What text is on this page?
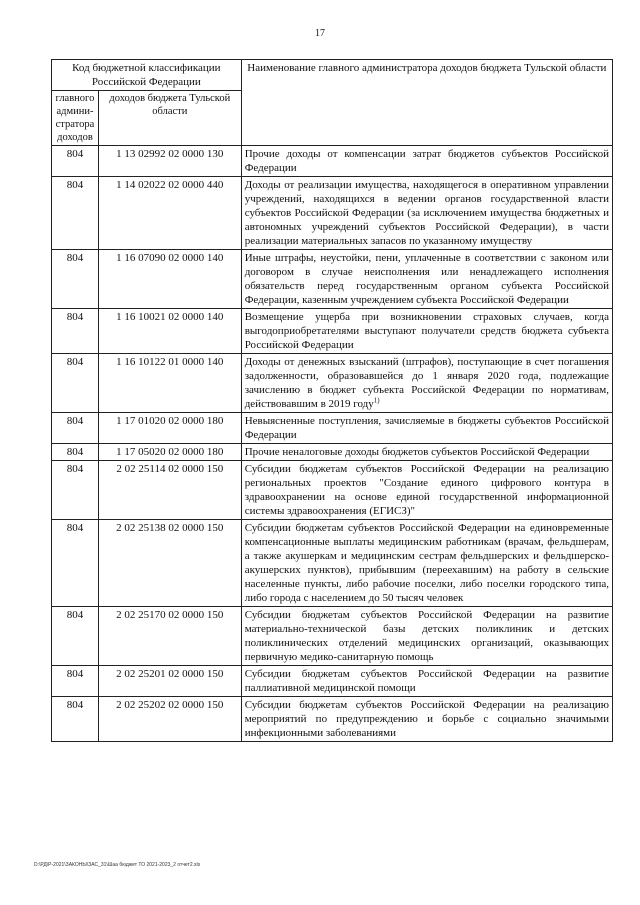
17
Код бюджетной классификации Российской Федерации		Наименование главного администратора доходов бюджета Тульской области
главного админи- стратора доходов	доходов бюджета Тульской области	
804	1 13 02992 02 0000 130	Прочие доходы от компенсации затрат бюджетов субъектов Российской Федерации
804	1 14 02022 02 0000 440	Доходы от реализации имущества, находящегося в оперативном управлении учреждений, находящихся в ведении органов государственной власти субъектов Российской Федерации (за исключением имущества бюджетных и автономных учреждений субъектов Российской Федерации), в части реализации материальных запасов по указанному имуществу
804	1 16 07090 02 0000 140	Иные штрафы, неустойки, пени, уплаченные в соответствии с законом или договором в случае неисполнения или ненадлежащего исполнения обязательств перед государственным органом субъекта Российской Федерации, казенным учреждением субъекта Российской Федерации
804	1 16 10021 02 0000 140	Возмещение ущерба при возникновении страховых случаев, когда выгодоприобретателями выступают получатели средств бюджета субъекта Российской Федерации
804	1 16 10122 01 0000 140	Доходы от денежных взысканий (штрафов), поступающие в счет погашения задолженности, образовавшейся до 1 января 2020 года, подлежащие зачислению в бюджет субъекта Российской Федерации по нормативам, действовавшим в 2019 году$^{1)}$
804	1 17 01020 02 0000 180	Невыясненные поступления, зачисляемые в бюджеты субъектов Российской Федерации
804	1 17 05020 02 0000 180	Прочие неналоговые доходы бюджетов субъектов Российской Федерации
804	2 02 25114 02 0000 150	Субсидии бюджетам субъектов Российской Федерации на реализацию региональных проектов "Создание единого цифрового контура в здравоохранении на основе единой государственной информационной системы здравоохранения (ЕГИСЗ)"
804	2 02 25138 02 0000 150	Субсидии бюджетам субъектов Российской Федерации на единовременные компенсационные выплаты медицинским работникам (врачам, фельдшерам, а также акушеркам и медицинским сестрам фельдшерских и фельдшерско-акушерских пунктов), прибывшим (переехавшим) на работу в сельские населенные пункты, либо рабочие поселки, либо поселки городского типа, либо города с населением до 50 тысяч человек
804	2 02 25170 02 0000 150	Субсидии бюджетам субъектов Российской Федерации на развитие материально-технической базы детских поликлиник и детских поликлинических отделений медицинских организаций, оказывающих первичную медико-санитарную помощь
804	2 02 25201 02 0000 150	Субсидии бюджетам субъектов Российской Федерации на развитие паллиативной медицинской помощи
804	2 02 25202 02 0000 150	Субсидии бюджетам субъектов Российской Федерации на реализацию мероприятий по предупреждению и борьбе с социально значимыми инфекционными заболеваниями
D:\РД\Р-2021\ЗАКОНЫ\ЗАС_31\Шаа бюджет ТО 2021-2023_2 отчет2.xls
